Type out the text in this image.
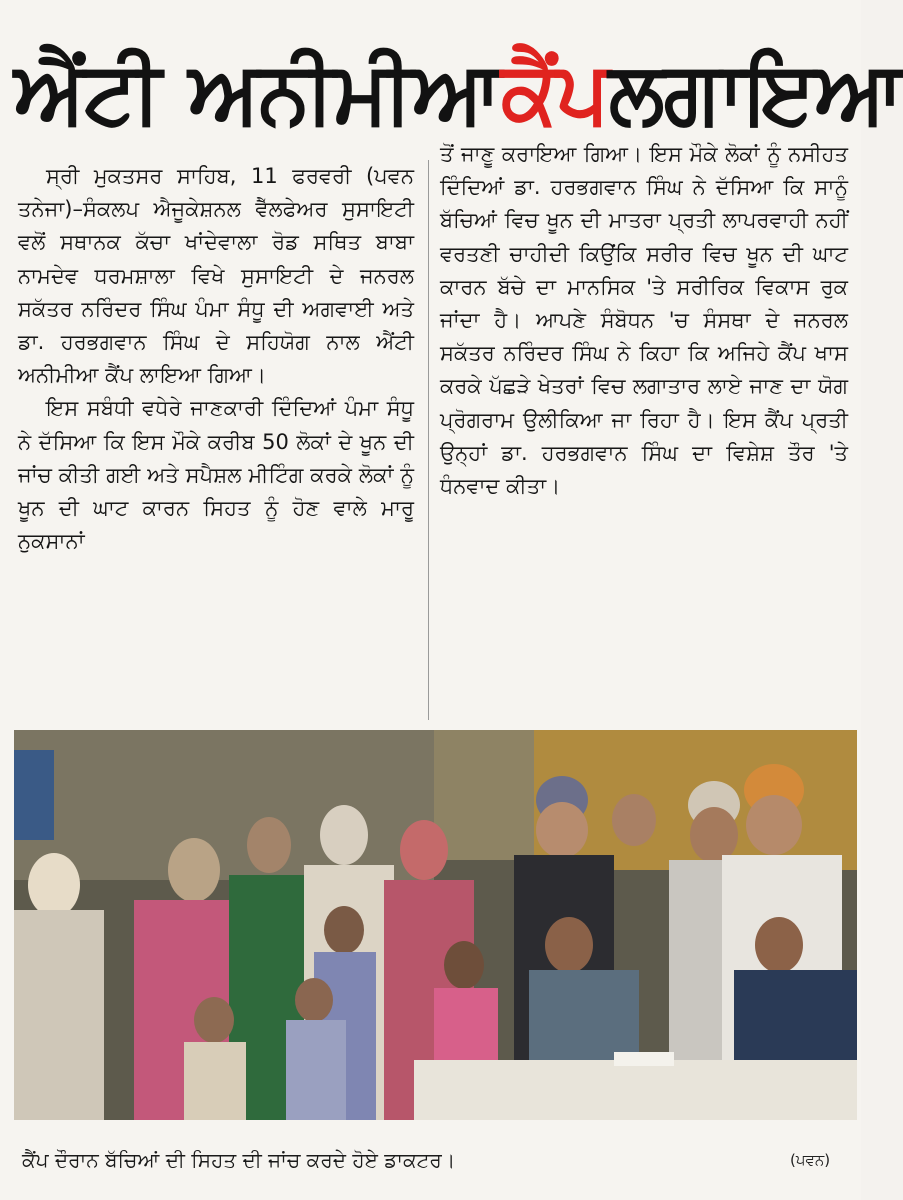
ਐਂਟੀ ਅਨੀਮੀਆ ਕੈਂਪ ਲਗਾਇਆ

ਸ੍ਰੀ ਮੁਕਤਸਰ ਸਾਹਿਬ, 11 ਫਰਵਰੀ (ਪਵਨ ਤਨੇਜਾ)–ਸੰਕਲਪ ਐਜੂਕੇਸ਼ਨਲ ਵੈੱਲਫੇਅਰ ਸੁਸਾਇਟੀ ਵਲੋਂ ਸਥਾਨਕ ਕੱਚਾ ਖਾਂਦੇਵਾਲਾ ਰੋਡ ਸਥਿਤ ਬਾਬਾ ਨਾਮਦੇਵ ਧਰਮਸ਼ਾਲਾ ਵਿਖੇ ਸੁਸਾਇਟੀ ਦੇ ਜਨਰਲ ਸਕੱਤਰ ਨਰਿੰਦਰ ਸਿੰਘ ਪੰਮਾ ਸੰਧੂ ਦੀ ਅਗਵਾਈ ਅਤੇ ਡਾ. ਹਰਭਗਵਾਨ ਸਿੰਘ ਦੇ ਸਹਿਯੋਗ ਨਾਲ ਐਂਟੀ ਅਨੀਮੀਆ ਕੈਂਪ ਲਾਇਆ ਗਿਆ।

ਇਸ ਸਬੰਧੀ ਵਧੇਰੇ ਜਾਣਕਾਰੀ ਦਿੰਦਿਆਂ ਪੰਮਾ ਸੰਧੂ ਨੇ ਦੱਸਿਆ ਕਿ ਇਸ ਮੌਕੇ ਕਰੀਬ 50 ਲੋਕਾਂ ਦੇ ਖੂਨ ਦੀ ਜਾਂਚ ਕੀਤੀ ਗਈ ਅਤੇ ਸਪੈਸ਼ਲ ਮੀਟਿੰਗ ਕਰਕੇ ਲੋਕਾਂ ਨੂੰ ਖੂਨ ਦੀ ਘਾਟ ਕਾਰਨ ਸਿਹਤ ਨੂੰ ਹੋਣ ਵਾਲੇ ਮਾਰੂ ਨੁਕਸਾਨਾਂ

ਤੋਂ ਜਾਣੂ ਕਰਾਇਆ ਗਿਆ। ਇਸ ਮੌਕੇ ਲੋਕਾਂ ਨੂੰ ਨਸੀਹਤ ਦਿੰਦਿਆਂ ਡਾ. ਹਰਭਗਵਾਨ ਸਿੰਘ ਨੇ ਦੱਸਿਆ ਕਿ ਸਾਨੂੰ ਬੱਚਿਆਂ ਵਿਚ ਖੂਨ ਦੀ ਮਾਤਰਾ ਪ੍ਰਤੀ ਲਾਪਰਵਾਹੀ ਨਹੀਂ ਵਰਤਣੀ ਚਾਹੀਦੀ ਕਿਉਂਕਿ ਸਰੀਰ ਵਿਚ ਖੂਨ ਦੀ ਘਾਟ ਕਾਰਨ ਬੱਚੇ ਦਾ ਮਾਨਸਿਕ 'ਤੇ ਸਰੀਰਿਕ ਵਿਕਾਸ ਰੁਕ ਜਾਂਦਾ ਹੈ। ਆਪਣੇ ਸੰਬੋਧਨ 'ਚ ਸੰਸਥਾ ਦੇ ਜਨਰਲ ਸਕੱਤਰ ਨਰਿੰਦਰ ਸਿੰਘ ਨੇ ਕਿਹਾ ਕਿ ਅਜਿਹੇ ਕੈਂਪ ਖਾਸ ਕਰਕੇ ਪੱਛੜੇ ਖੇਤਰਾਂ ਵਿਚ ਲਗਾਤਾਰ ਲਾਏ ਜਾਣ ਦਾ ਯੋਗ ਪ੍ਰੋਗਰਾਮ ਉਲੀਕਿਆ ਜਾ ਰਿਹਾ ਹੈ। ਇਸ ਕੈਂਪ ਪ੍ਰਤੀ ਉਨ੍ਹਾਂ ਡਾ. ਹਰਭਗਵਾਨ ਸਿੰਘ ਦਾ ਵਿਸ਼ੇਸ਼ ਤੌਰ 'ਤੇ ਧੰਨਵਾਦ ਕੀਤਾ।

ਕੈਂਪ ਦੌਰਾਨ ਬੱਚਿਆਂ ਦੀ ਸਿਹਤ ਦੀ ਜਾਂਚ ਕਰਦੇ ਹੋਏ ਡਾਕਟਰ।	(ਪਵਨ)
